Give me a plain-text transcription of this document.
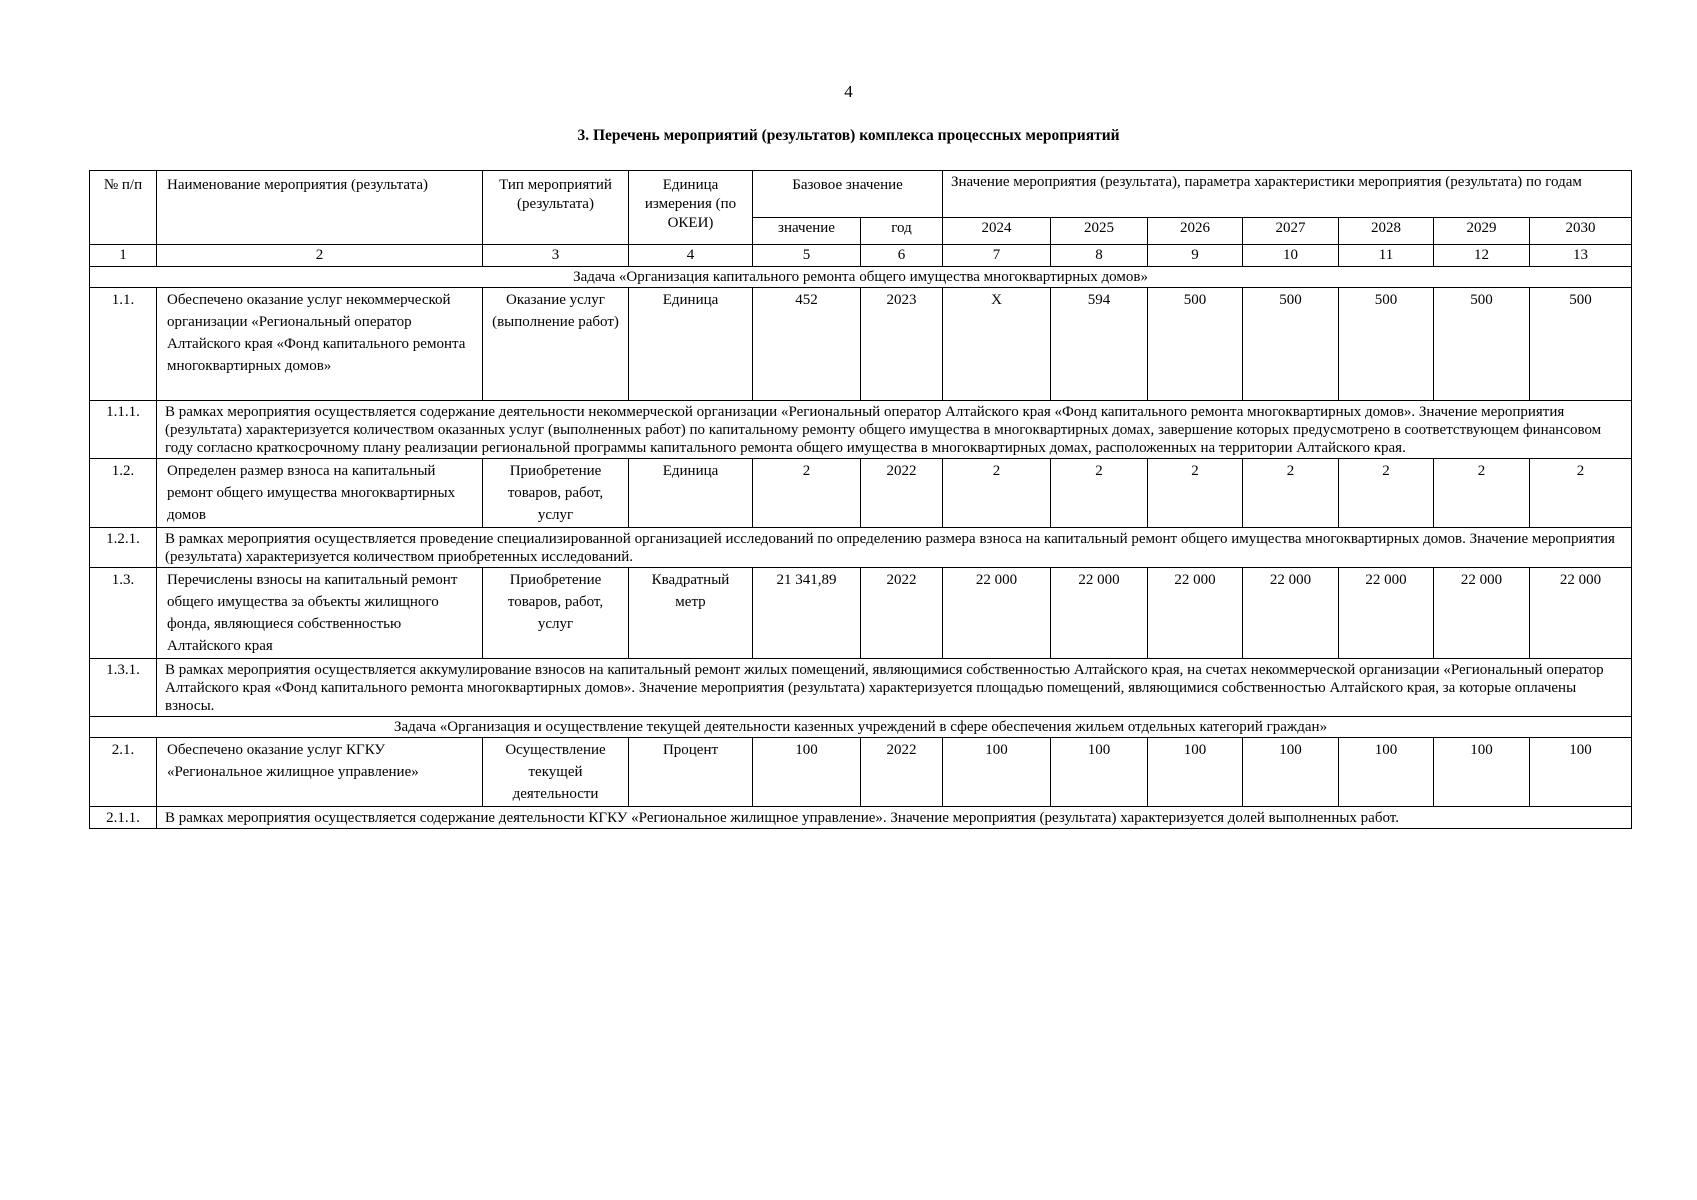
4
3. Перечень мероприятий (результатов) комплекса процессных мероприятий
№ п/п	Наименование мероприятия (результата)	Тип мероприятий (результата)	Единица измерения (по ОКЕИ)	Базовое значение		Значение мероприятия (результата), параметра характеристики мероприятия (результата) по годам						
				значение	год	2024	2025	2026	2027	2028	2029	2030
1	2	3	4	5	6	7	8	9	10	11	12	13
Задача «Организация капитального ремонта общего имущества многоквартирных домов»												
1.1.	Обеспечено оказание услуг некоммерческой организации «Региональный оператор Алтайского края «Фонд капитального ремонта многоквартирных домов»	Оказание услуг (выполнение работ)	Единица	452	2023	X	594	500	500	500	500	500
1.1.1.	В рамках мероприятия осуществляется содержание деятельности некоммерческой организации «Региональный оператор Алтайского края «Фонд капитального ремонта многоквартирных домов». Значение мероприятия (результата) характеризуется количеством оказанных услуг (выполненных работ) по капитальному ремонту общего имущества в многоквартирных домах, завершение которых предусмотрено в соответствующем финансовом году согласно краткосрочному плану реализации региональной программы капитального ремонта общего имущества в многоквартирных домах, расположенных на территории Алтайского края.											
1.2.	Определен размер взноса на капитальный ремонт общего имущества многоквартирных домов	Приобретение товаров, работ, услуг	Единица	2	2022	2	2	2	2	2	2	2
1.2.1.	В рамках мероприятия осуществляется проведение специализированной организацией исследований по определению размера взноса на капитальный ремонт общего имущества многоквартирных домов. Значение мероприятия (результата) характеризуется количеством приобретенных исследований.											
1.3.	Перечислены взносы на капитальный ремонт общего имущества за объекты жилищного фонда, являющиеся собственностью Алтайского края	Приобретение товаров, работ, услуг	Квадратный метр	21 341,89	2022	22 000	22 000	22 000	22 000	22 000	22 000	22 000
1.3.1.	В рамках мероприятия осуществляется аккумулирование взносов на капитальный ремонт жилых помещений, являющимися собственностью Алтайского края, на счетах некоммерческой организации «Региональный оператор Алтайского края «Фонд капитального ремонта многоквартирных домов». Значение мероприятия (результата) характеризуется площадью помещений, являющимися собственностью Алтайского края, за которые оплачены взносы.											
Задача «Организация и осуществление текущей деятельности казенных учреждений в сфере обеспечения жильем отдельных категорий граждан»												
2.1.	Обеспечено оказание услуг КГКУ «Региональное жилищное управление»	Осуществление текущей деятельности	Процент	100	2022	100	100	100	100	100	100	100
2.1.1.	В рамках мероприятия осуществляется содержание деятельности КГКУ «Региональное жилищное управление». Значение мероприятия (результата) характеризуется долей выполненных работ.											
